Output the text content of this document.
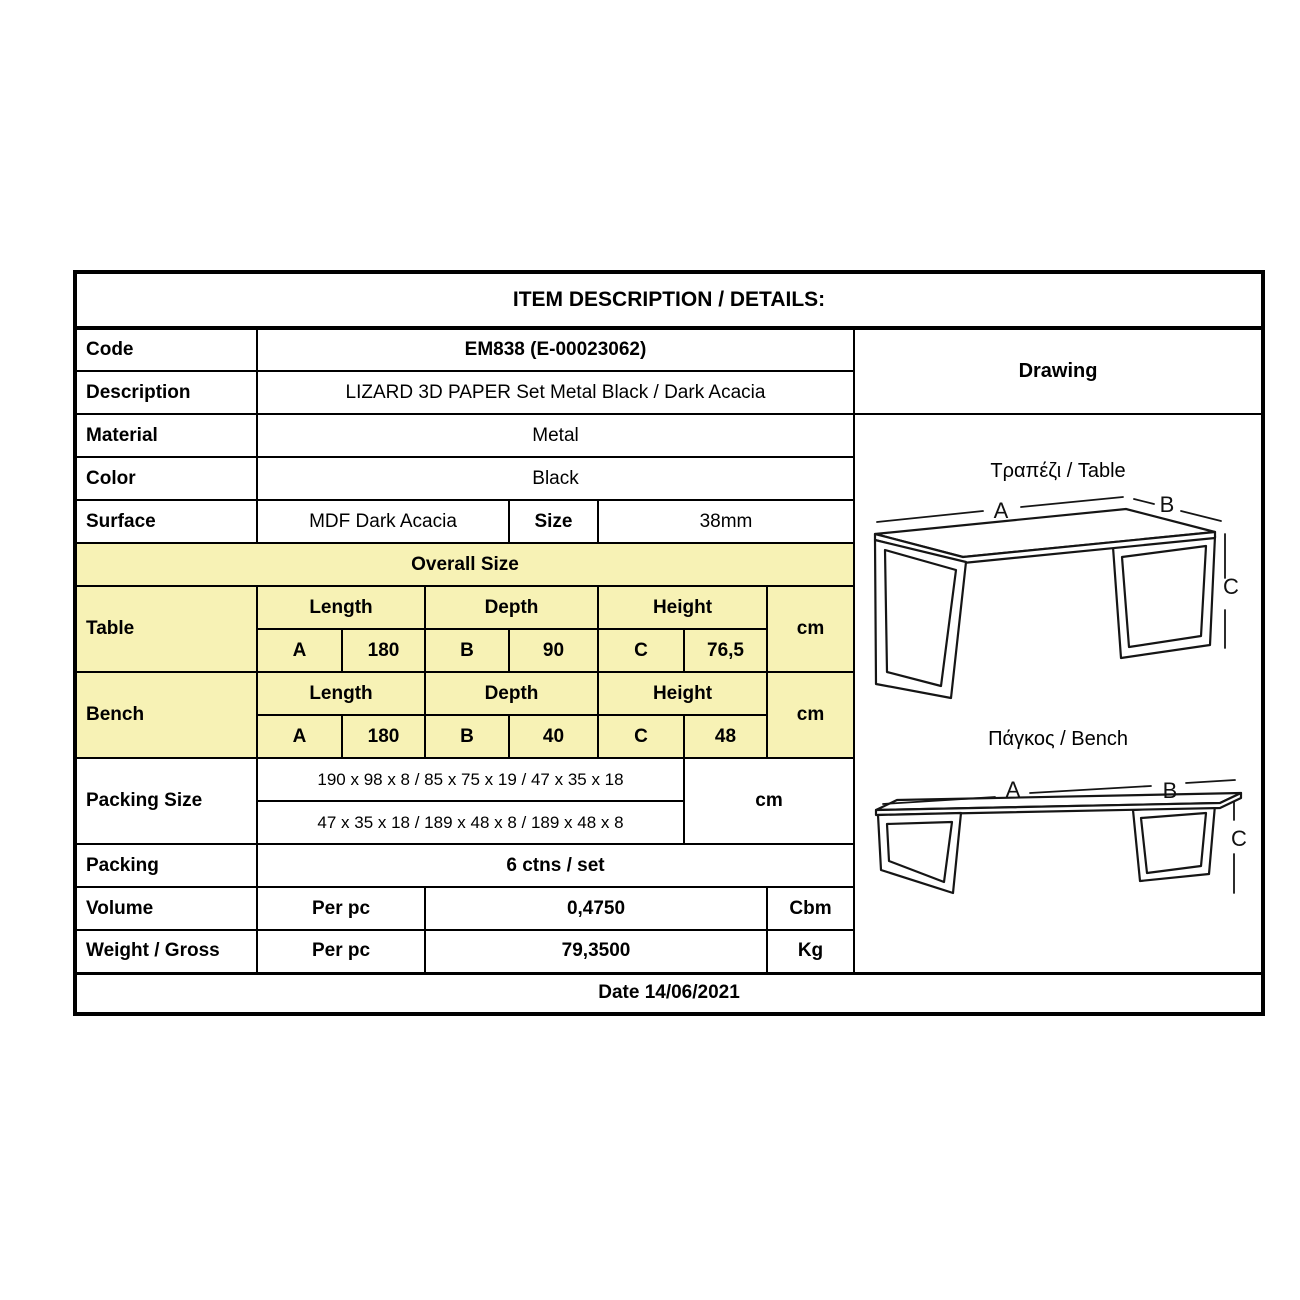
ITEM DESCRIPTION / DETAILS:								
Code	EM838 (E-00023062)							Drawing
Description	LIZARD 3D PAPER Set Metal Black / Dark Acacia							
Material	Metal	
Τραπέζι / Table
A	B
C
Πάγκος / Bench
A	B
C

Color	Black							
Surface	MDF Dark Acacia			Size	38mm			
Overall Size								
Table	Length		Depth		Height		cm	
	A	180	B	90	C	76,5		
Bench	Length		Depth		Height		cm	
	A	180	B	40	C	48		
Packing Size	190 x 98 x 8 / 85 x 75 x 19 / 47 x 35 x 18					cm		
	47 x 35 x 18 / 189 x 48 x 8 / 189 x 48 x 8							
Packing	6 ctns / set							
Volume	Per pc		0,4750				Cbm	
Weight / Gross	Per pc		79,3500				Kg	
Date 14/06/2021								
